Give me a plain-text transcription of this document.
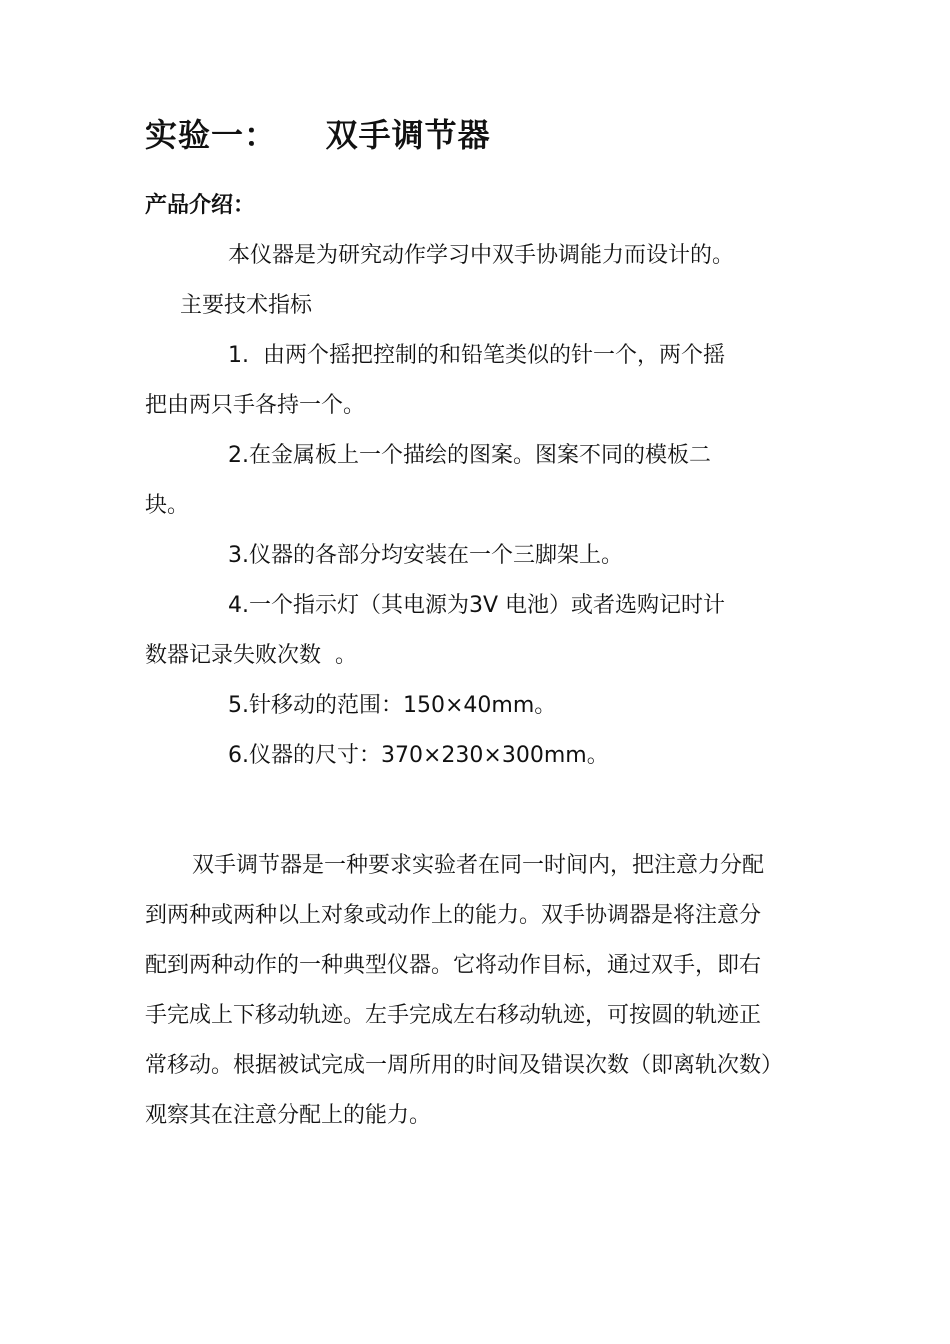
实验一：    双手调节器

产品介绍：

本仪器是为研究动作学习中双手协调能力而设计的。

主要技术指标

1.  由两个摇把控制的和铅笔类似的针一个，两个摇

把由两只手各持一个。

2.在金属板上一个描绘的图案。图案不同的模板二

块。

3.仪器的各部分均安装在一个三脚架上。

4.一个指示灯（其电源为3V 电池）或者选购记时计

数器记录失败次数  。

5.针移动的范围：150×40mm。

6.仪器的尺寸：370×230×300mm。

双手调节器是一种要求实验者在同一时间内，把注意力分配

到两种或两种以上对象或动作上的能力。双手协调器是将注意分

配到两种动作的一种典型仪器。它将动作目标，通过双手，即右

手完成上下移动轨迹。左手完成左右移动轨迹，可按圆的轨迹正

常移动。根据被试完成一周所用的时间及错误次数（即离轨次数）

观察其在注意分配上的能力。
